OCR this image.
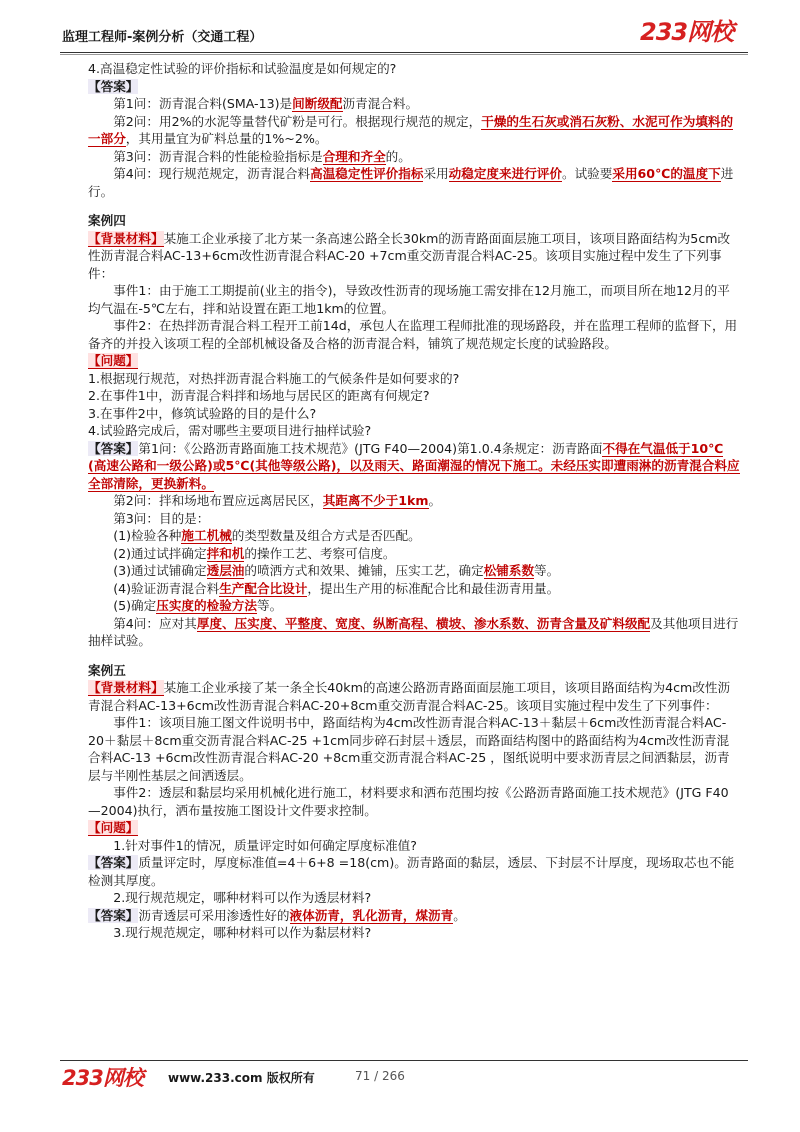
监理工程师-案例分析（交通工程）	233网校

4.高温稳定性试验的评价指标和试验温度是如何规定的?

【答案】

第1问：沥青混合料(SMA-13)是间断级配沥青混合料。

第2问：用2%的水泥等量替代矿粉是可行。根据现行规范的规定，干燥的生石灰或消石灰粉、水泥可作为填料的一部分，其用量宜为矿料总量的1%~2%。

第3问：沥青混合料的性能检验指标是合理和齐全的。

第4问：现行规范规定，沥青混合料高温稳定性评价指标采用动稳定度来进行评价。试验要采用60℃的温度下进行。

案例四

【背景材料】某施工企业承接了北方某一条高速公路全长30km的沥青路面面层施工项目，该项目路面结构为5cm改性沥青混合料AC-13+6cm改性沥青混合料AC-20 +7cm重交沥青混合料AC-25。该项目实施过程中发生了下列事件：

事件1：由于施工工期提前(业主的指令)，导致改性沥青的现场施工需安排在12月施工，而项目所在地12月的平均气温在-5℃左右，拌和站设置在距工地1km的位置。

事件2：在热拌沥青混合料工程开工前14d，承包人在监理工程师批准的现场路段，并在监理工程师的监督下，用备齐的并投入该项工程的全部机械设备及合格的沥青混合料，铺筑了规范规定长度的试验路段。

【问题】

1.根据现行规范，对热拌沥青混合料施工的气候条件是如何要求的?

2.在事件1中，沥青混合料拌和场地与居民区的距离有何规定?

3.在事件2中，修筑试验路的目的是什么?

4.试验路完成后，需对哪些主要项目进行抽样试验?

【答案】第1问：《公路沥青路面施工技术规范》(JTG F40—2004)第1.0.4条规定：沥青路面不得在气温低于10℃(高速公路和一级公路)或5℃(其他等级公路)，以及雨天、路面潮湿的情况下施工。未经压实即遭雨淋的沥青混合料应全部清除，更换新料。

第2问：拌和场地布置应远离居民区，其距离不少于1km。

第3问：目的是：

(1)检验各种施工机械的类型数量及组合方式是否匹配。

(2)通过试拌确定拌和机的操作工艺、考察可信度。

(3)通过试铺确定透层油的喷洒方式和效果、摊铺，压实工艺，确定松铺系数等。

(4)验证沥青混合料生产配合比设计，提出生产用的标准配合比和最佳沥青用量。

(5)确定压实度的检验方法等。

第4问：应对其厚度、压实度、平整度、宽度、纵断高程、横坡、渗水系数、沥青含量及矿料级配及其他项目进行抽样试验。

案例五

【背景材料】某施工企业承接了某一条全长40km的高速公路沥青路面面层施工项目，该项目路面结构为4cm改性沥青混合料AC-13+6cm改性沥青混合料AC-20+8cm重交沥青混合料AC-25。该项目实施过程中发生了下列事件：

事件1：该项目施工图文件说明书中，路面结构为4cm改性沥青混合料AC-13＋黏层＋6cm改性沥青混合料AC-20＋黏层＋8cm重交沥青混合料AC-25 +1cm同步碎石封层＋透层，而路面结构图中的路面结构为4cm改性沥青混合料AC-13 +6cm改性沥青混合料AC-20 +8cm重交沥青混合料AC-25 ，图纸说明中要求沥青层之间洒黏层，沥青层与半刚性基层之间洒透层。

事件2：透层和黏层均采用机械化进行施工，材料要求和洒布范围均按《公路沥青路面施工技术规范》(JTG F40—2004)执行，洒布量按施工图设计文件要求控制。

【问题】

1.针对事件1的情况，质量评定时如何确定厚度标准值?

【答案】质量评定时，厚度标准值=4＋6+8 =18(cm)。沥青路面的黏层，透层、下封层不计厚度，现场取芯也不能检测其厚度。

2.现行规范规定，哪种材料可以作为透层材料?

【答案】沥青透层可采用渗透性好的液体沥青，乳化沥青，煤沥青。

3.现行规范规定，哪种材料可以作为黏层材料?

233网校 www.233.com 版权所有	71 / 266
